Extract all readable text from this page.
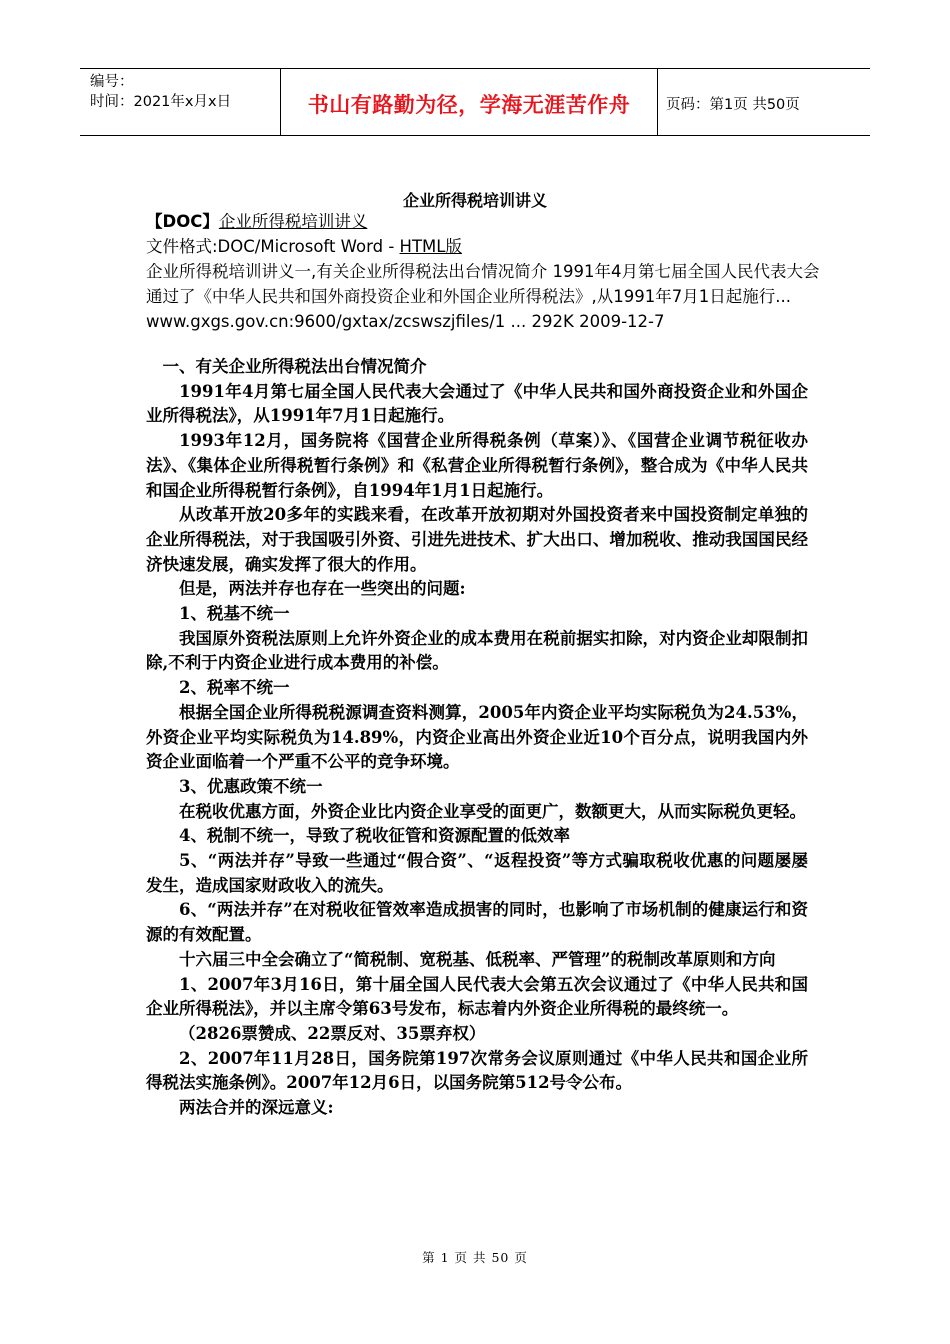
编号：
时间：2021年x月x日	书山有路勤为径，学海无涯苦作舟	页码：第1页 共50页
企业所得税培训讲义
【DOC】企业所得税培训讲义
文件格式:DOC/Microsoft Word - HTML版
企业所得税培训讲义一,有关企业所得税法出台情况简介 1991年4月第七届全国人民代表大会通过了《中华人民共和国外商投资企业和外国企业所得税法》,从1991年7月1日起施行...
www.gxgs.gov.cn:9600/gxtax/zcswszjfiles/1 ... 292K 2009-12-7

一、有关企业所得税法出台情况简介

1991年4月第七届全国人民代表大会通过了《中华人民共和国外商投资企业和外国企业所得税法》，从1991年7月1日起施行。

1993年12月，国务院将《国营企业所得税条例（草案）》、《国营企业调节税征收办法》、《集体企业所得税暂行条例》和《私营企业所得税暂行条例》，整合成为《中华人民共和国企业所得税暂行条例》，自1994年1月1日起施行。

从改革开放20多年的实践来看，在改革开放初期对外国投资者来中国投资制定单独的企业所得税法，对于我国吸引外资、引进先进技术、扩大出口、增加税收、推动我国国民经济快速发展，确实发挥了很大的作用。

但是，两法并存也存在一些突出的问题:

1、税基不统一

我国原外资税法原则上允许外资企业的成本费用在税前据实扣除，对内资企业却限制扣除,不利于内资企业进行成本费用的补偿。

2、税率不统一

根据全国企业所得税税源调查资料测算，2005年内资企业平均实际税负为24.53%，外资企业平均实际税负为14.89%，内资企业高出外资企业近10个百分点，说明我国内外资企业面临着一个严重不公平的竞争环境。

3、优惠政策不统一

在税收优惠方面，外资企业比内资企业享受的面更广，数额更大，从而实际税负更轻。

4、税制不统一，导致了税收征管和资源配置的低效率

5、“两法并存”导致一些通过“假合资”、“返程投资”等方式骗取税收优惠的问题屡屡发生，造成国家财政收入的流失。

6、“两法并存”在对税收征管效率造成损害的同时，也影响了市场机制的健康运行和资源的有效配置。

十六届三中全会确立了“简税制、宽税基、低税率、严管理”的税制改革原则和方向

1、2007年3月16日，第十届全国人民代表大会第五次会议通过了《中华人民共和国企业所得税法》，并以主席令第63号发布，标志着内外资企业所得税的最终统一。

（2826票赞成、22票反对、35票弃权）

2、2007年11月28日，国务院第197次常务会议原则通过《中华人民共和国企业所得税法实施条例》。2007年12月6日，以国务院第512号令公布。

两法合并的深远意义:

第 1 页 共 50 页
